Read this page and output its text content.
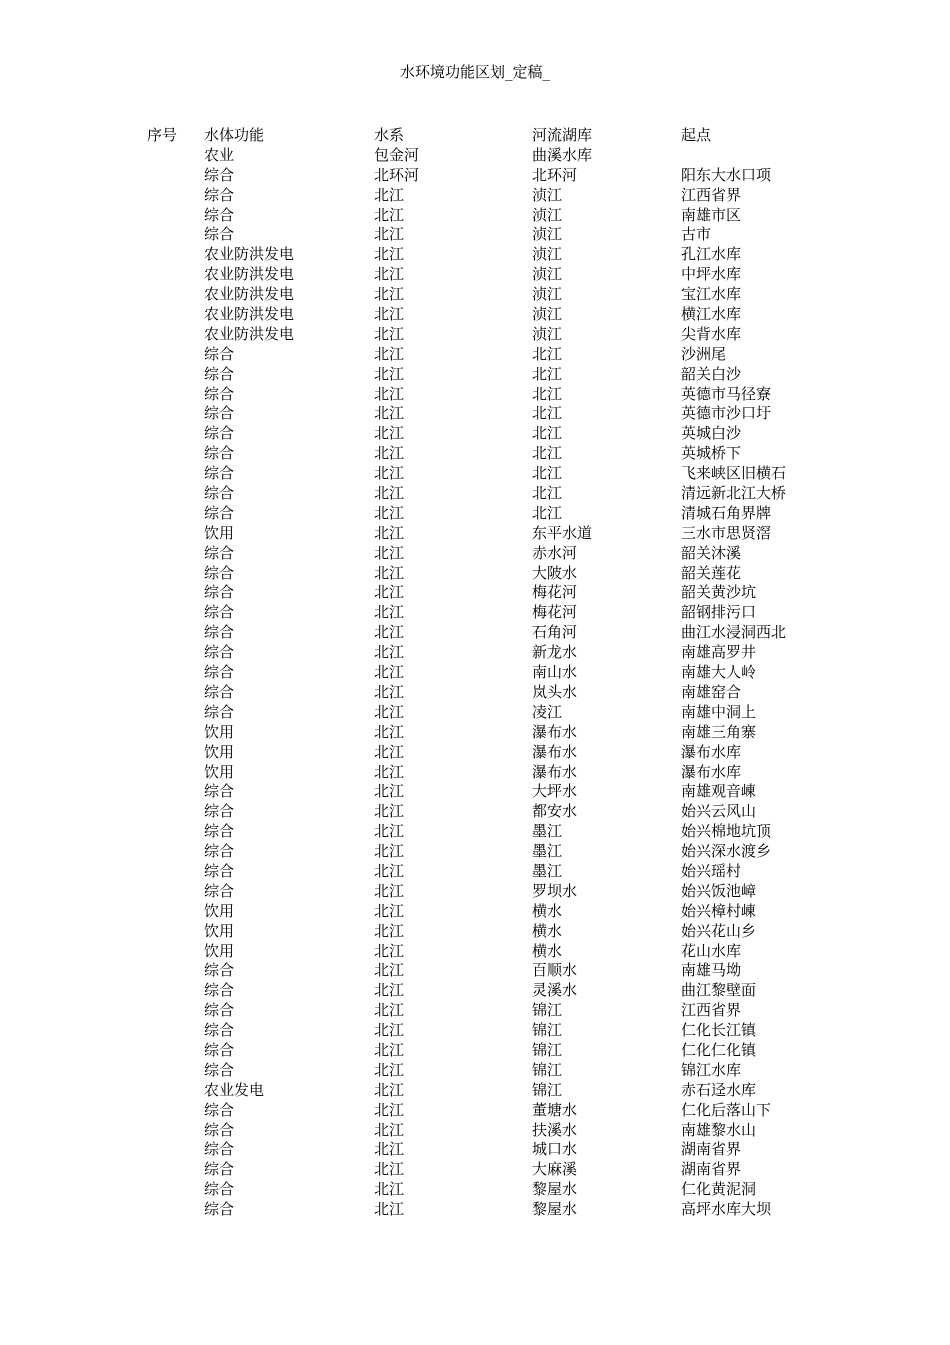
水环境功能区划_定稿_
序号 水体功能	水系	河流湖库	起点
农业	包金河	曲溪水库
综合	北环河	北环河	阳东大水口项
综合	北江	浈江	江西省界
综合	北江	浈江	南雄市区
综合	北江	浈江	古市
农业防洪发电	北江	浈江	孔江水库
农业防洪发电	北江	浈江	中坪水库
农业防洪发电	北江	浈江	宝江水库
农业防洪发电	北江	浈江	横江水库
农业防洪发电	北江	浈江	尖背水库
综合	北江	北江	沙洲尾
综合	北江	北江	韶关白沙
综合	北江	北江	英德市马径寮
综合	北江	北江	英德市沙口圩
综合	北江	北江	英城白沙
综合	北江	北江	英城桥下
综合	北江	北江	飞来峡区旧横石
综合	北江	北江	清远新北江大桥
综合	北江	北江	清城石角界牌
饮用	北江	东平水道	三水市思贤滘
综合	北江	赤水河	韶关沐溪
综合	北江	大陂水	韶关莲花
综合	北江	梅花河	韶关黄沙坑
综合	北江	梅花河	韶钢排污口
综合	北江	石角河	曲江水浸洞西北
综合	北江	新龙水	南雄高罗井
综合	北江	南山水	南雄大人岭
综合	北江	岚头水	南雄窑合
综合	北江	凌江	南雄中洞上
饮用	北江	瀑布水	南雄三角寨
饮用	北江	瀑布水	瀑布水库
饮用	北江	瀑布水	瀑布水库
综合	北江	大坪水	南雄观音崠
综合	北江	都安水	始兴云风山
综合	北江	墨江	始兴棉地坑顶
综合	北江	墨江	始兴深水渡乡
综合	北江	墨江	始兴瑶村
综合	北江	罗坝水	始兴饭池嶂
饮用	北江	横水	始兴樟村崠
饮用	北江	横水	始兴花山乡
饮用	北江	横水	花山水库
综合	北江	百顺水	南雄马坳
综合	北江	灵溪水	曲江黎壁面
综合	北江	锦江	江西省界
综合	北江	锦江	仁化长江镇
综合	北江	锦江	仁化仁化镇
综合	北江	锦江	锦江水库
农业发电	北江	锦江	赤石迳水库
综合	北江	董塘水	仁化后落山下
综合	北江	扶溪水	南雄黎水山
综合	北江	城口水	湖南省界
综合	北江	大麻溪	湖南省界
综合	北江	黎屋水	仁化黄泥洞
综合	北江	黎屋水	高坪水库大坝
